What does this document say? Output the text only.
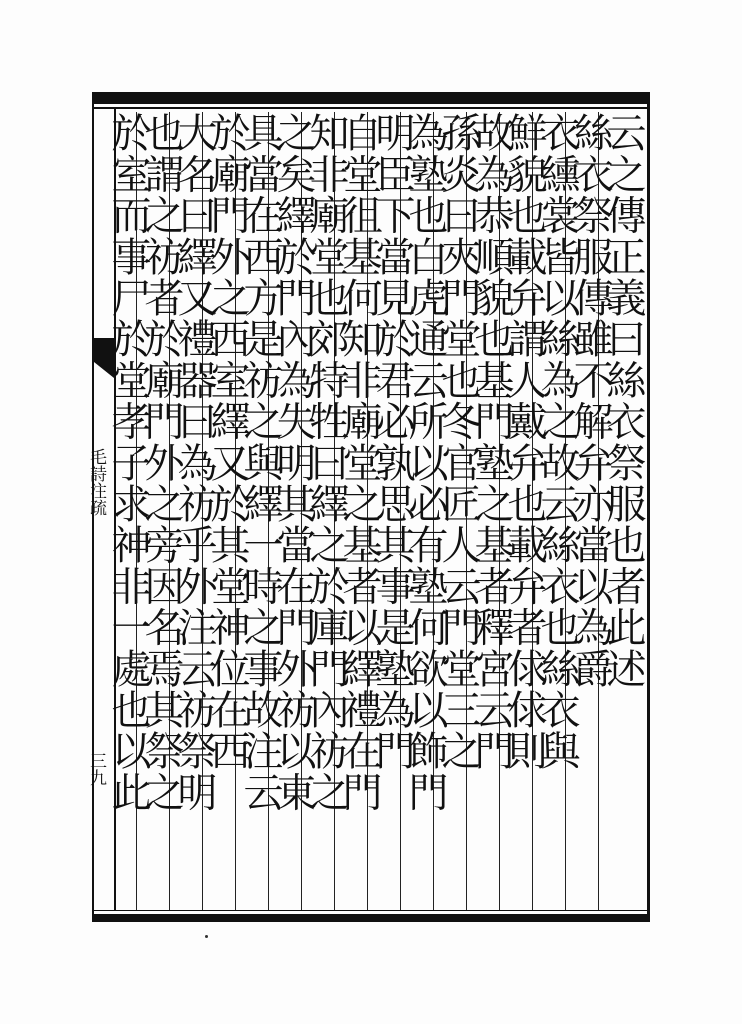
毛詩注疏
三九
云之傳正義曰絲衣祭服也者此述
絲衣祭服傳雖不解弁亦當以為爵
衣纁裳皆以絲為之故云絲衣也絲衣與
鮮貌也載弁謂人戴弁也載弁者俅俅則
故為恭順貌也基門塾之基者釋宮云門
孫炎曰夾門堂也冬官匠人云門堂三之
為塾也白虎通云所以必有塾何欲以飾門
明臣下當見於君必孰思其事是塾為門
自堂徂基何知非廟堂之基者以繹禮在門
知非廟堂也郊特牲曰繹之於庫門內祊之
之矣繹於門內為失明其當在門外祊以東
具當在西方是祊之與繹一時之事故注云
於廟門外之西室繹又於其堂神位在西
大名曰繹又禮器曰為祊乎外注云祊祭明
也謂之祊者於廟門外之旁因名焉其祭之
於室而事尸於堂孝子求神非一處也以此
